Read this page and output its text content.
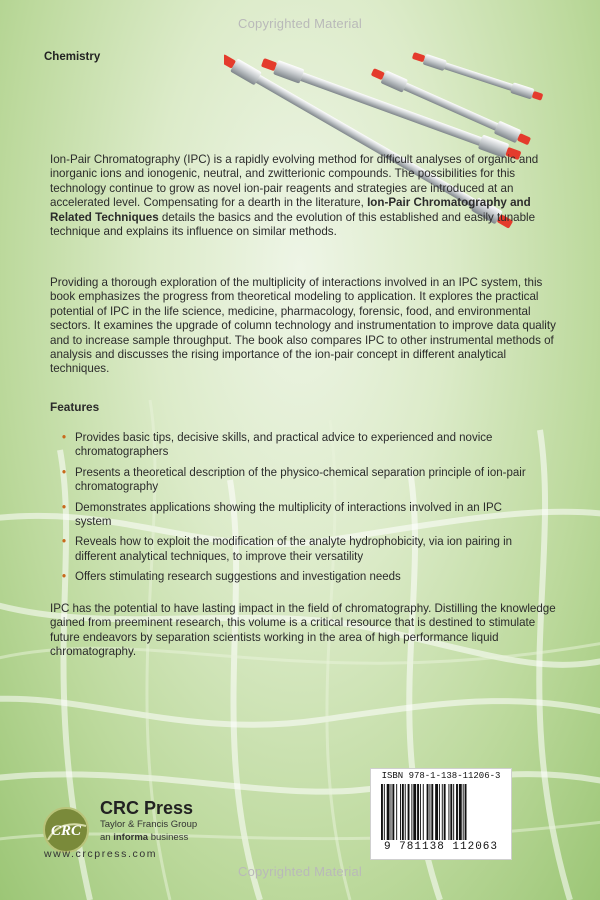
Copyrighted Material
Chemistry

Ion-Pair Chromatography (IPC) is a rapidly evolving method for difficult analyses of organic and inorganic ions and ionogenic, neutral, and zwitterionic compounds. The possibilities for this technology continue to grow as novel ion-pair reagents and strategies are introduced at an accelerated level. Compensating for a dearth in the literature, Ion-Pair Chromatography and Related Techniques details the basics and the evolution of this established and easily tunable technique and explains its influence on similar methods.

Providing a thorough exploration of the multiplicity of interactions involved in an IPC system, this book emphasizes the progress from theoretical modeling to application. It explores the practical potential of IPC in the life science, medicine, pharmacology, forensic, food, and environmental sectors. It examines the upgrade of column technology and instrumentation to improve data quality and to increase sample throughput. The book also compares IPC to other instrumental methods of analysis and discusses the rising importance of the ion-pair concept in different analytical techniques.

Features
• Provides basic tips, decisive skills, and practical advice to experienced and novice chromatographers
• Presents a theoretical description of the physico-chemical separation principle of ion-pair chromatography
• Demonstrates applications showing the multiplicity of interactions involved in an IPC system
• Reveals how to exploit the modification of the analyte hydrophobicity, via ion pairing in different analytical techniques, to improve their versatility
• Offers stimulating research suggestions and investigation needs

IPC has the potential to have lasting impact in the field of chromatography. Distilling the knowledge gained from preeminent research, this volume is a critical resource that is destined to stimulate future endeavors by separation scientists working in the area of high performance liquid chromatography.

CRC
CRC Press
Taylor & Francis Group
an informa business
www.crcpress.com
ISBN 978-1-138-11206-3
9 781138 112063
Copyrighted Material
